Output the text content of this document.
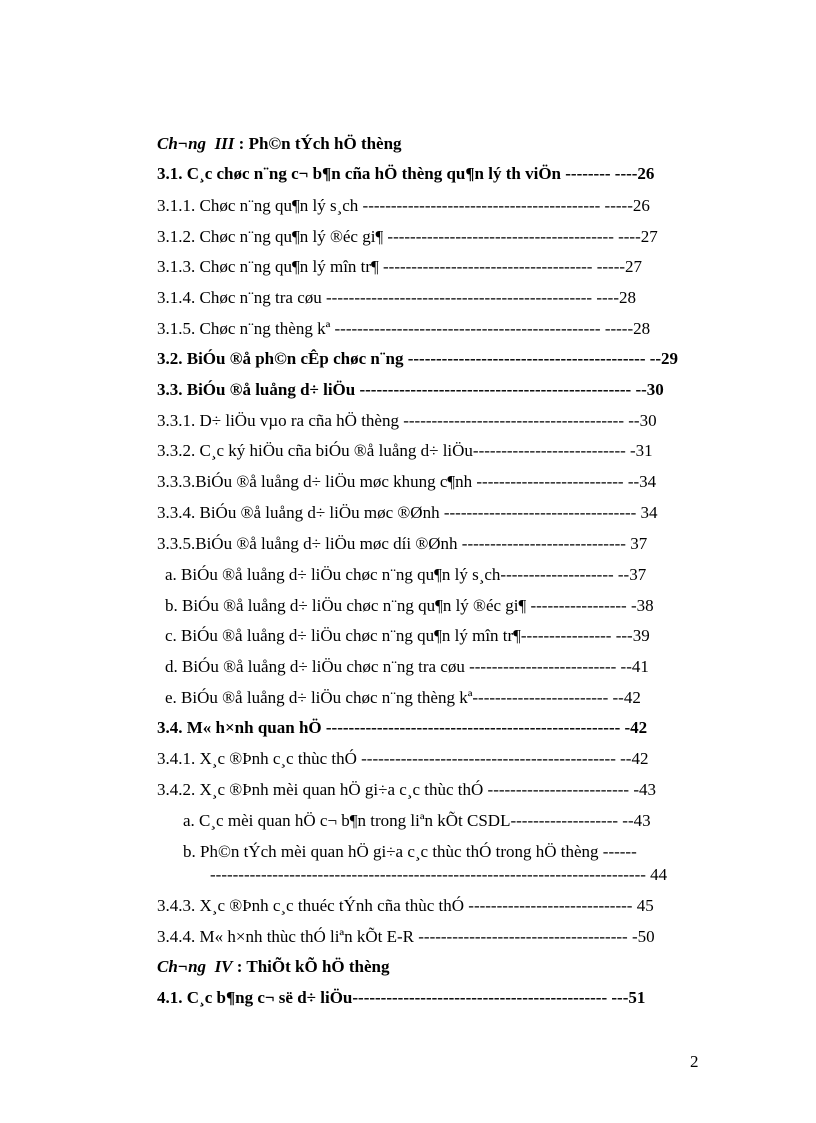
Ch¬ng III : Ph©n tÝch hÖ thèng
3.1. C¸c chøc n¨ng c¬ b¶n cña hÖ thèng qu¶n lý th viÖn -------- ----26
3.1.1. Chøc n¨ng qu¶n lý s¸ch ------------------------------------------ -----26
3.1.2. Chøc n¨ng qu¶n lý ®éc gi¶ ---------------------------------------- ----27
3.1.3. Chøc n¨ng qu¶n lý mîn tr¶ ------------------------------------- -----27
3.1.4. Chøc n¨ng tra cøu ----------------------------------------------- ----28
3.1.5. Chøc n¨ng thèng kª ----------------------------------------------- -----28
3.2. BiÓu ®å ph©n cÊp chøc n¨ng ------------------------------------------ --29
3.3. BiÓu ®å luång d÷ liÖu ------------------------------------------------ --30
3.3.1. D÷ liÖu vµo ra cña hÖ thèng --------------------------------------- --30
3.3.2. C¸c ký hiÖu cña biÓu ®å luång d÷ liÖu--------------------------- -31
3.3.3.BiÓu ®å luång d÷ liÖu møc khung c¶nh -------------------------- --34
3.3.4. BiÓu ®å luång d÷ liÖu møc ®Ønh ---------------------------------- 34
3.3.5.BiÓu ®å luång d÷ liÖu møc díi ®Ønh ----------------------------- 37
a. BiÓu ®å luång d÷ liÖu chøc n¨ng qu¶n lý s¸ch-------------------- --37
b. BiÓu ®å luång d÷ liÖu chøc n¨ng qu¶n lý ®éc gi¶ ----------------- -38
c. BiÓu ®å luång d÷ liÖu chøc n¨ng qu¶n lý mîn tr¶---------------- ---39
d. BiÓu ®å luång d÷ liÖu chøc n¨ng tra cøu -------------------------- --41
e. BiÓu ®å luång d÷ liÖu chøc n¨ng thèng kª------------------------ --42
3.4. M« h×nh quan hÖ ---------------------------------------------------- -42
3.4.1. X¸c ®Þnh c¸c thùc thÓ --------------------------------------------- --42
3.4.2. X¸c ®Þnh mèi quan hÖ gi÷a c¸c thùc thÓ ------------------------- -43
a. C¸c mèi quan hÖ c¬ b¶n trong liªn kÕt CSDL------------------- --43
b. Ph©n tÝch mèi quan hÖ gi÷a c¸c thùc thÓ trong hÖ thèng ------
----------------------------------------------------------------------------- 44
3.4.3. X¸c ®Þnh c¸c thuéc tÝnh cña thùc thÓ ----------------------------- 45
3.4.4. M« h×nh thùc thÓ liªn kÕt E-R ------------------------------------- -50
Ch¬ng IV : ThiÕt kÕ hÖ thèng
4.1. C¸c b¶ng c¬ së d÷ liÖu--------------------------------------------- ---51
2
